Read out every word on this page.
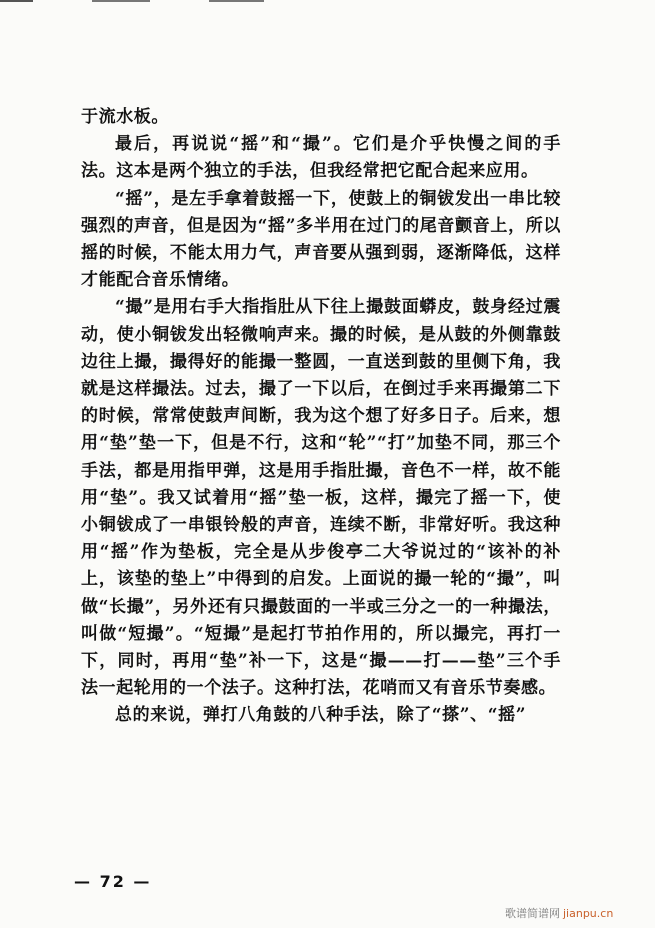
于流水板。

最后，再说说“摇”和“撮”。它们是介乎快慢之间的手法。这本是两个独立的手法，但我经常把它配合起来应用。

“摇”，是左手拿着鼓摇一下，使鼓上的铜钹发出一串比较强烈的声音，但是因为“摇”多半用在过门的尾音颤音上，所以摇的时候，不能太用力气，声音要从强到弱，逐渐降低，这样才能配合音乐情绪。

“撮”是用右手大指指肚从下往上撮鼓面蟒皮，鼓身经过震动，使小铜钹发出轻微响声来。撮的时候，是从鼓的外侧靠鼓边往上撮，撮得好的能撮一整圆，一直送到鼓的里侧下角，我就是这样撮法。过去，撮了一下以后，在倒过手来再撮第二下的时候，常常使鼓声间断，我为这个想了好多日子。后来，想用“垫”垫一下，但是不行，这和“轮”“打”加垫不同，那三个手法，都是用指甲弹，这是用手指肚撮，音色不一样，故不能用“垫”。我又试着用“摇”垫一板，这样，撮完了摇一下，使小铜钹成了一串银铃般的声音，连续不断，非常好听。我这种用“摇”作为垫板，完全是从步俊亭二大爷说过的“该补的补上，该垫的垫上”中得到的启发。上面说的撮一轮的“撮”，叫做“长撮”，另外还有只撮鼓面的一半或三分之一的一种撮法，叫做“短撮”。“短撮”是起打节拍作用的，所以撮完，再打一下，同时，再用“垫”补一下，这是“撮——打——垫”三个手法一起轮用的一个法子。这种打法，花哨而又有音乐节奏感。

总的来说，弹打八角鼓的八种手法，除了“搽”、“摇”

— 72 —
歌谱简谱网 jianpu.cn
